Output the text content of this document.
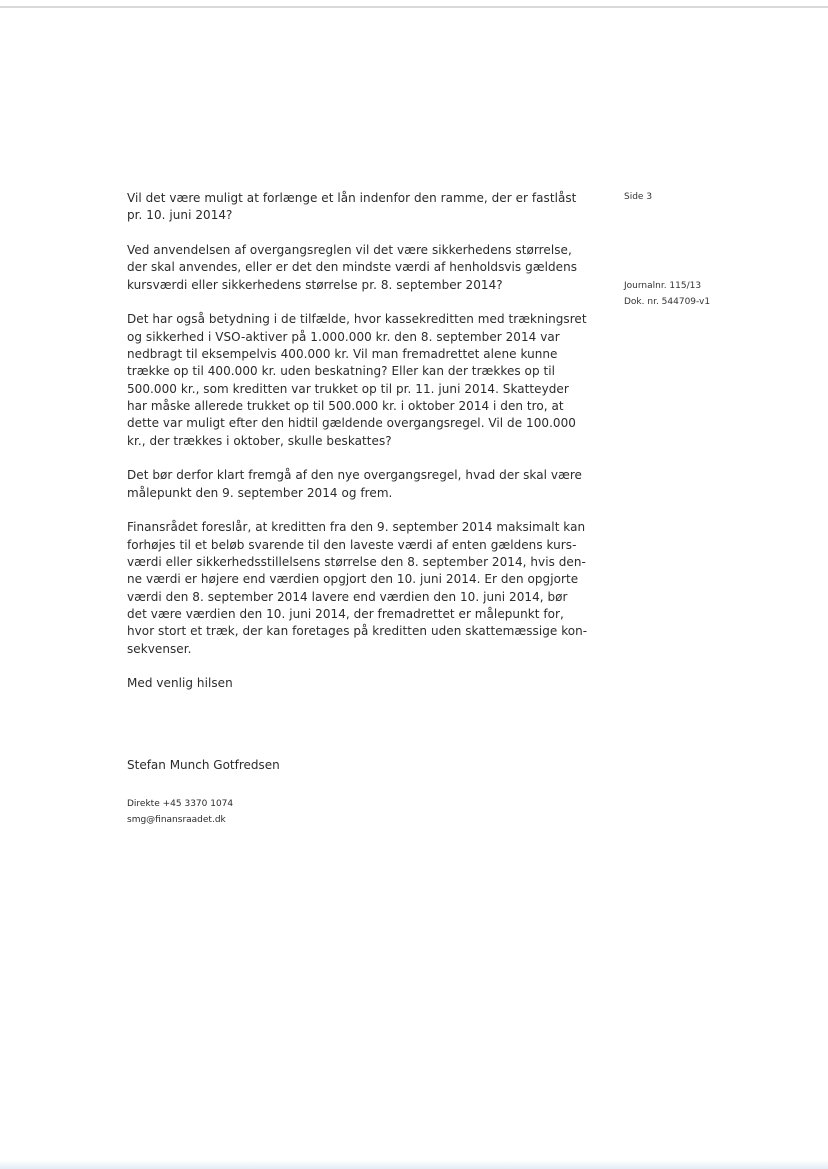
Side 3
Journalnr. 115/13
Dok. nr. 544709-v1

Vil det være muligt at forlænge et lån indenfor den ramme, der er fastlåst
pr. 10. juni 2014?

Ved anvendelsen af overgangsreglen vil det være sikkerhedens størrelse,
der skal anvendes, eller er det den mindste værdi af henholdsvis gældens
kursværdi eller sikkerhedens størrelse pr. 8. september 2014?

Det har også betydning i de tilfælde, hvor kassekreditten med trækningsret
og sikkerhed i VSO-aktiver på 1.000.000 kr. den 8. september 2014 var
nedbragt til eksempelvis 400.000 kr. Vil man fremadrettet alene kunne
trække op til 400.000 kr. uden beskatning? Eller kan der trækkes op til
500.000 kr., som kreditten var trukket op til pr. 11. juni 2014. Skatteyder
har måske allerede trukket op til 500.000 kr. i oktober 2014 i den tro, at
dette var muligt efter den hidtil gældende overgangsregel. Vil de 100.000
kr., der trækkes i oktober, skulle beskattes?

Det bør derfor klart fremgå af den nye overgangsregel, hvad der skal være
målepunkt den 9. september 2014 og frem.

Finansrådet foreslår, at kreditten fra den 9. september 2014 maksimalt kan
forhøjes til et beløb svarende til den laveste værdi af enten gældens kurs-
værdi eller sikkerhedsstillelsens størrelse den 8. september 2014, hvis den-
ne værdi er højere end værdien opgjort den 10. juni 2014. Er den opgjorte
værdi den 8. september 2014 lavere end værdien den 10. juni 2014, bør
det være værdien den 10. juni 2014, der fremadrettet er målepunkt for,
hvor stort et træk, der kan foretages på kreditten uden skattemæssige kon-
sekvenser.

Med venlig hilsen

Stefan Munch Gotfredsen
Direkte +45 3370 1074
smg@finansraadet.dk
